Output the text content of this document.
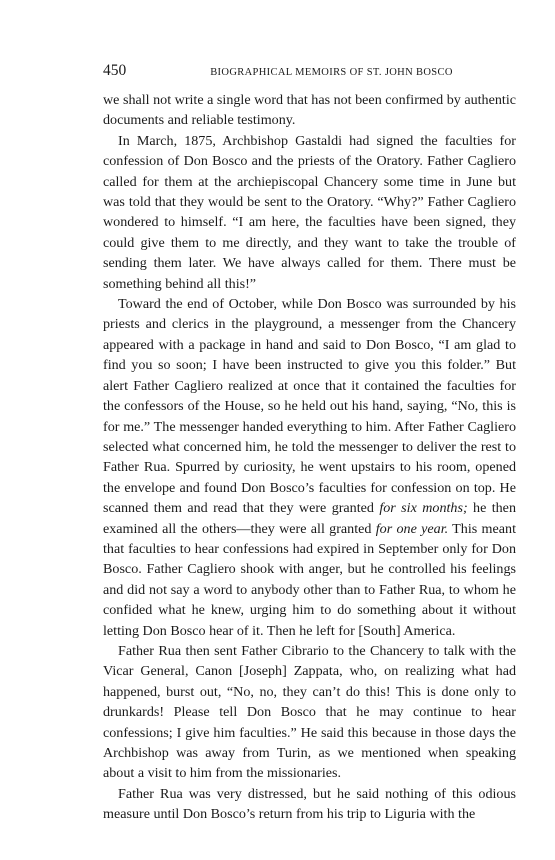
450	BIOGRAPHICAL MEMOIRS OF ST. JOHN BOSCO

we shall not write a single word that has not been confirmed by authentic documents and reliable testimony.

In March, 1875, Archbishop Gastaldi had signed the faculties for confession of Don Bosco and the priests of the Oratory. Father Cagliero called for them at the archiepiscopal Chancery some time in June but was told that they would be sent to the Oratory. “Why?” Father Cagliero wondered to himself. “I am here, the faculties have been signed, they could give them to me directly, and they want to take the trouble of sending them later. We have always called for them. There must be something behind all this!”

Toward the end of October, while Don Bosco was surrounded by his priests and clerics in the playground, a messenger from the Chancery appeared with a package in hand and said to Don Bosco, “I am glad to find you so soon; I have been instructed to give you this folder.” But alert Father Cagliero realized at once that it contained the faculties for the confessors of the House, so he held out his hand, saying, “No, this is for me.” The messenger handed everything to him. After Father Cagliero selected what concerned him, he told the messenger to deliver the rest to Father Rua. Spurred by curiosity, he went upstairs to his room, opened the envelope and found Don Bosco’s faculties for confession on top. He scanned them and read that they were granted for six months; he then examined all the others—they were all granted for one year. This meant that faculties to hear confessions had expired in September only for Don Bosco. Father Cagliero shook with anger, but he controlled his feelings and did not say a word to anybody other than to Father Rua, to whom he confided what he knew, urging him to do something about it without letting Don Bosco hear of it. Then he left for [South] America.

Father Rua then sent Father Cibrario to the Chancery to talk with the Vicar General, Canon [Joseph] Zappata, who, on realizing what had happened, burst out, “No, no, they can’t do this! This is done only to drunkards! Please tell Don Bosco that he may continue to hear confessions; I give him faculties.” He said this because in those days the Archbishop was away from Turin, as we mentioned when speaking about a visit to him from the missionaries.

Father Rua was very distressed, but he said nothing of this odious measure until Don Bosco’s return from his trip to Liguria with the
